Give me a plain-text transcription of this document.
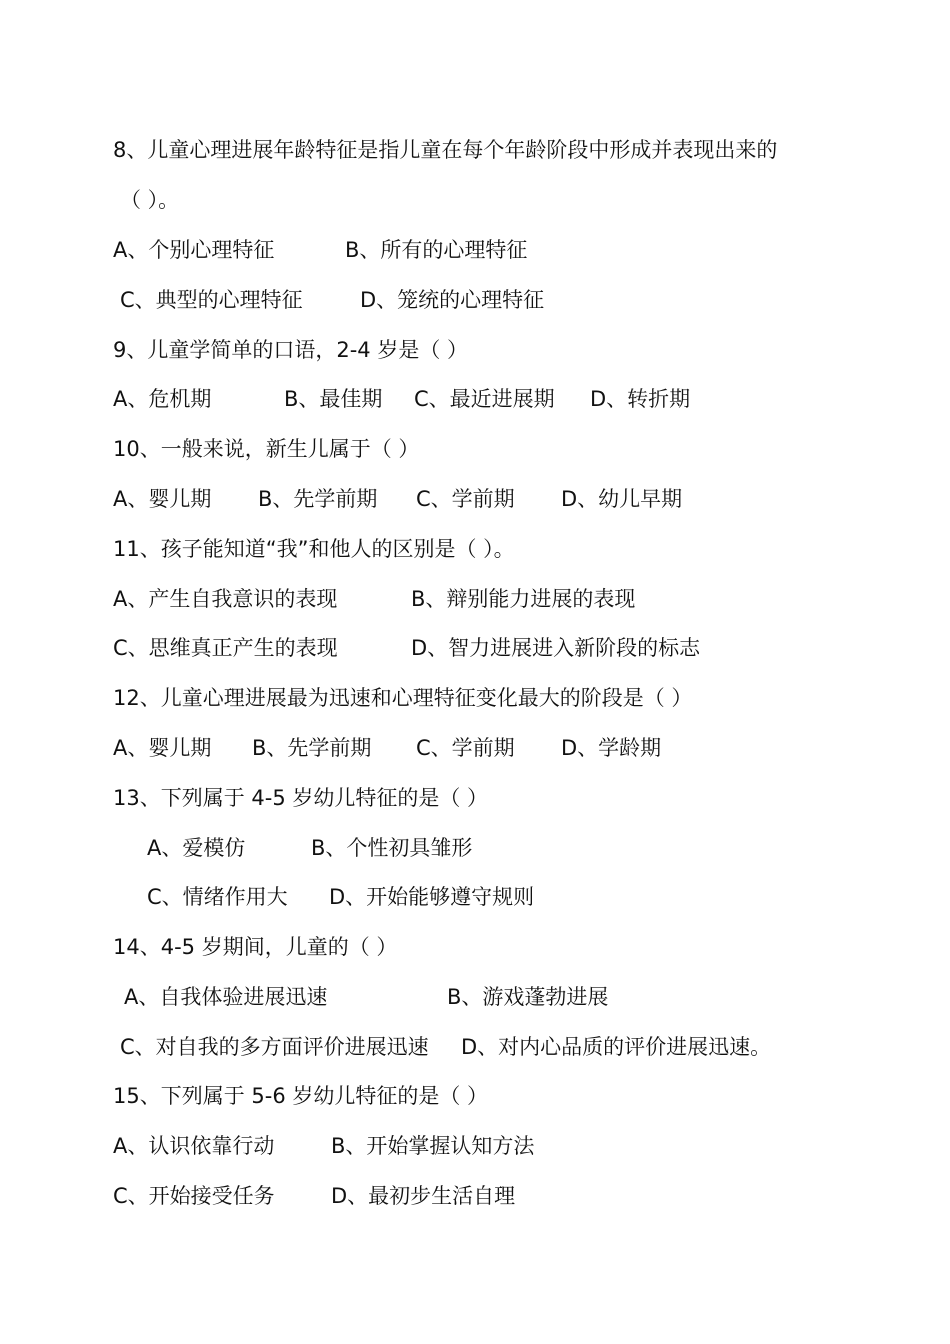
8、儿童心理进展年龄特征是指儿童在每个年龄阶段中形成并表现出来的
（ ）。
A、个别心理特征	B、所有的心理特征
C、典型的心理特征	D、笼统的心理特征
9、儿童学简单的口语，2-4 岁是（ ）
A、危机期	B、最佳期 C、最近进展期 D、转折期
10、一般来说，新生儿属于（ ）
A、婴儿期 B、先学前期 C、学前期 D、幼儿早期
11、孩子能知道“我”和他人的区别是（ ）。
A、产生自我意识的表现	B、辩别能力进展的表现
C、思维真正产生的表现	D、智力进展进入新阶段的标志
12、儿童心理进展最为迅速和心理特征变化最大的阶段是（ ）
A、婴儿期 B、先学前期 C、学前期 D、学龄期
13、下列属于 4-5 岁幼儿特征的是（ ）
A、爱模仿	B、个性初具雏形
C、情绪作用大 D、开始能够遵守规则
14、4-5 岁期间，儿童的（ ）
A、自我体验进展迅速	B、游戏蓬勃进展
C、对自我的多方面评价进展迅速 D、对内心品质的评价进展迅速。
15、下列属于 5-6 岁幼儿特征的是（ ）
A、认识依靠行动	B、开始掌握认知方法
C、开始接受任务	D、最初步生活自理
